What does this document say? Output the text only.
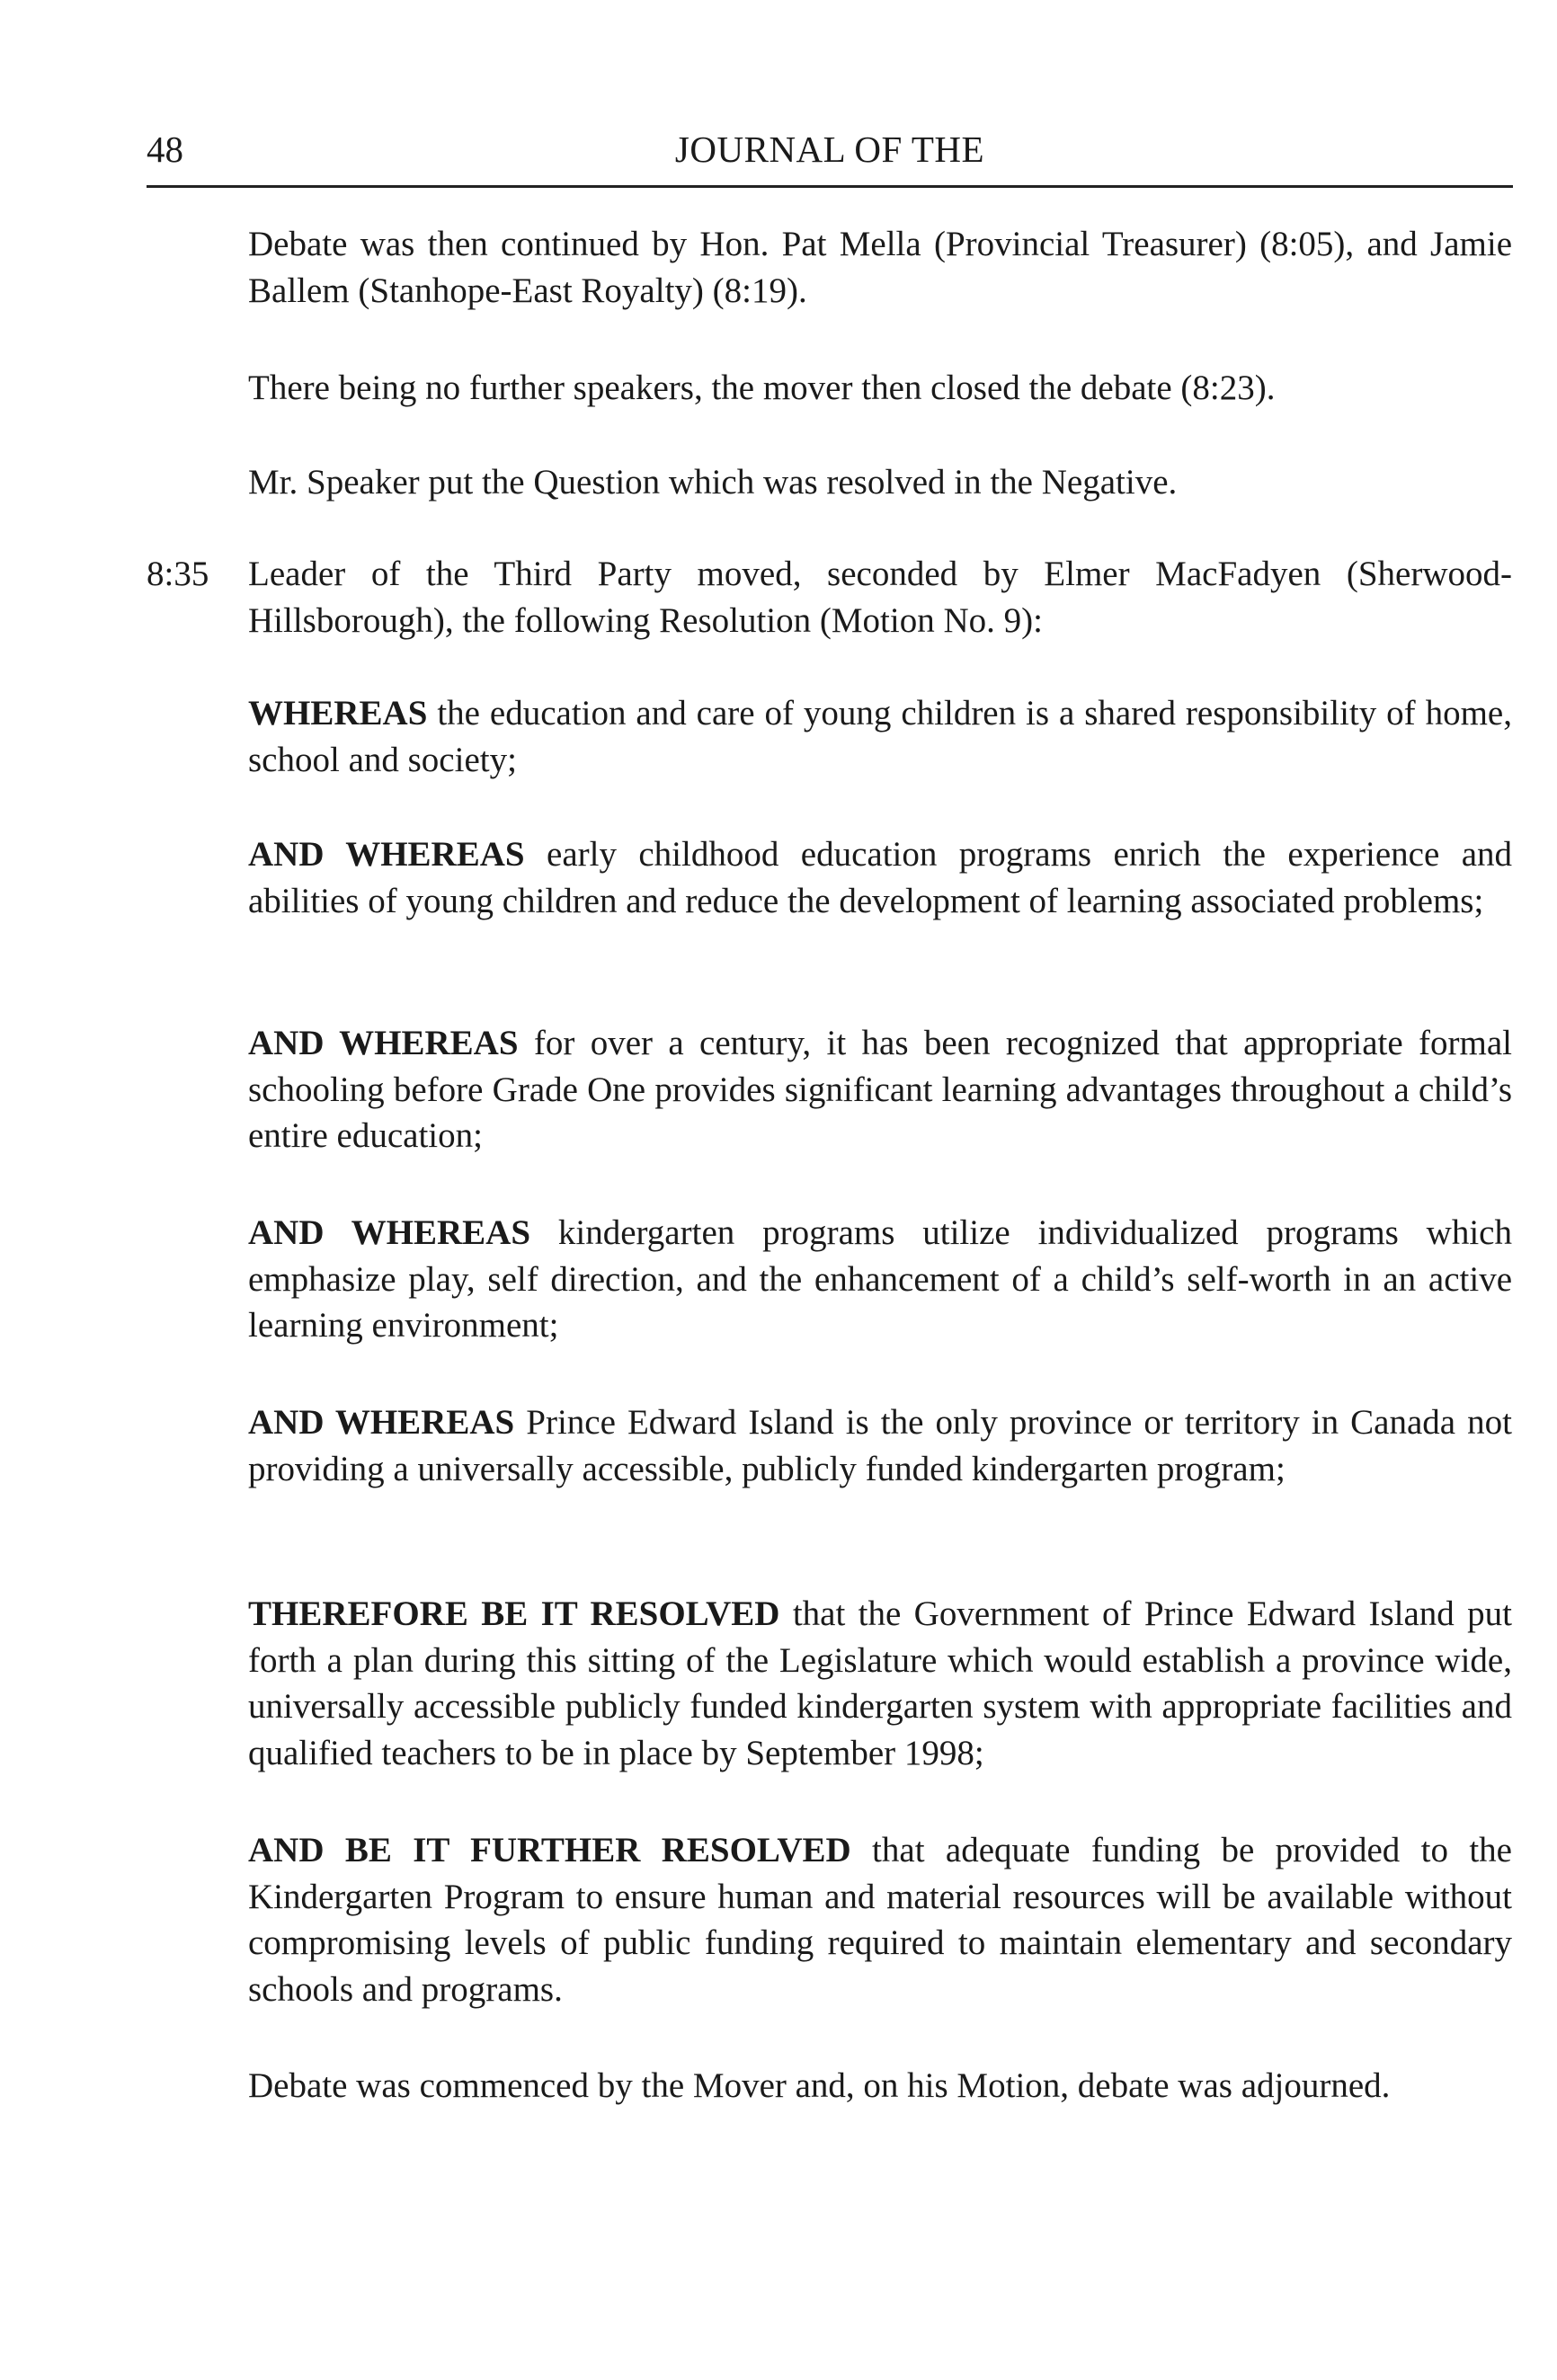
48	JOURNAL OF THE

Debate was then continued by Hon. Pat Mella (Provincial Treasurer) (8:05), and Jamie Ballem (Stanhope-East Royalty) (8:19).

There being no further speakers, the mover then closed the debate (8:23).

Mr. Speaker put the Question which was resolved in the Negative.

8:35 Leader of the Third Party moved, seconded by Elmer MacFadyen (Sherwood-Hillsborough), the following Resolution (Motion No. 9):

WHEREAS the education and care of young children is a shared responsibility of home, school and society;

AND WHEREAS early childhood education programs enrich the experience and abilities of young children and reduce the development of learning associated problems;

AND WHEREAS for over a century, it has been recognized that appropriate formal schooling before Grade One provides significant learning advantages throughout a child’s entire education;

AND WHEREAS kindergarten programs utilize individualized programs which emphasize play, self direction, and the enhancement of a child’s self-worth in an active learning environment;

AND WHEREAS Prince Edward Island is the only province or territory in Canada not providing a universally accessible, publicly funded kindergarten program;

THEREFORE BE IT RESOLVED that the Government of Prince Edward Island put forth a plan during this sitting of the Legislature which would establish a province wide, universally accessible publicly funded kindergarten system with appropriate facilities and qualified teachers to be in place by September 1998;

AND BE IT FURTHER RESOLVED that adequate funding be provided to the Kindergarten Program to ensure human and material resources will be available without compromising levels of public funding required to maintain elementary and secondary schools and programs.

Debate was commenced by the Mover and, on his Motion, debate was adjourned.
